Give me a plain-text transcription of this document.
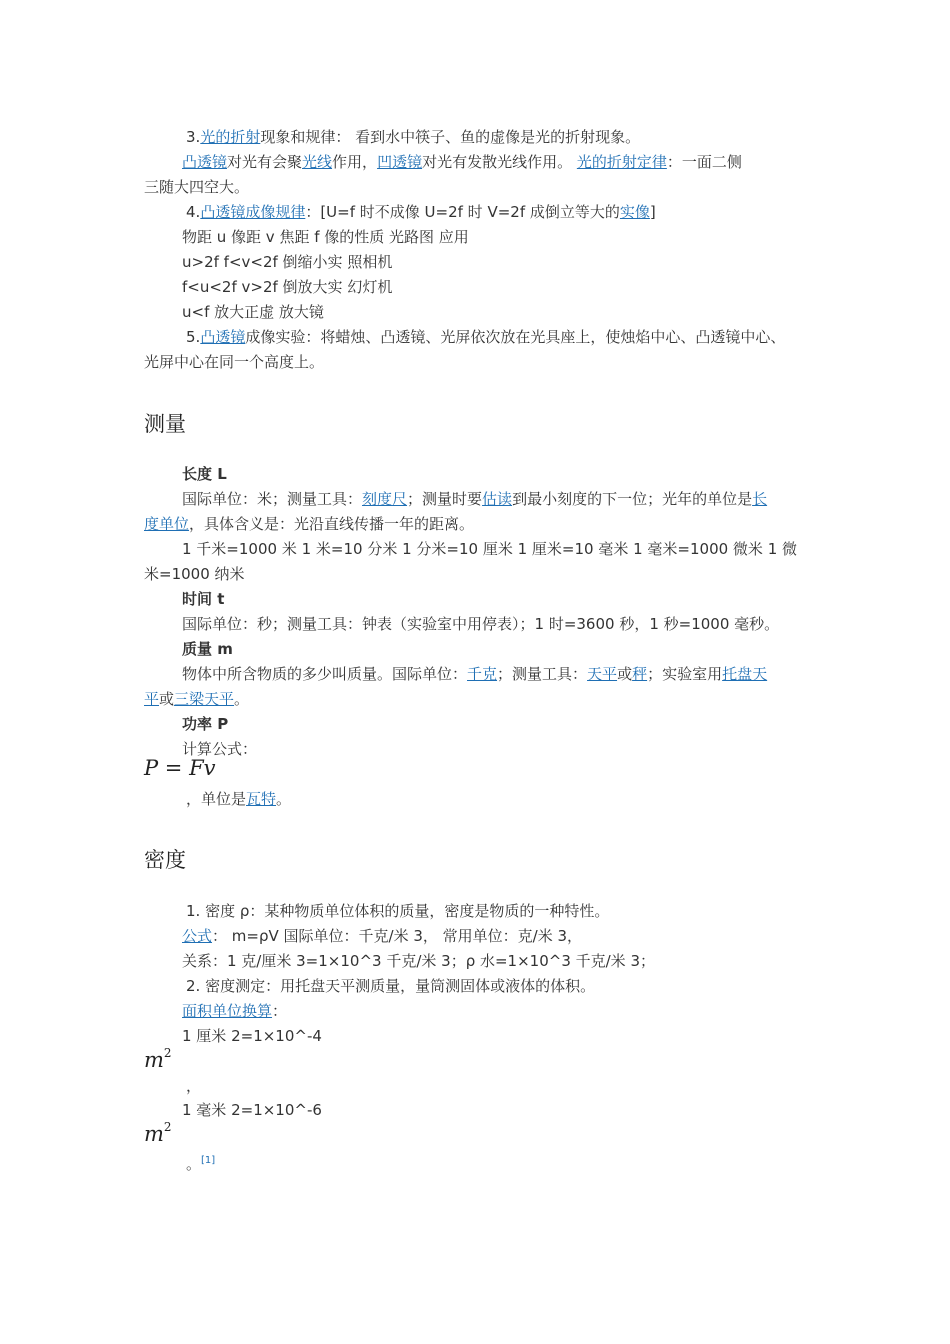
3.光的折射现象和规律： 看到水中筷子、鱼的虚像是光的折射现象。
凸透镜对光有会聚光线作用，凹透镜对光有发散光线作用。 光的折射定律：一面二侧
三随大四空大。
4.凸透镜成像规律：[U=f 时不成像 U=2f 时 V=2f 成倒立等大的实像]
物距 u 像距 v 焦距 f 像的性质 光路图 应用
u>2f f<v<2f 倒缩小实 照相机
f<u<2f v>2f 倒放大实 幻灯机
u<f 放大正虚 放大镜
5.凸透镜成像实验：将蜡烛、凸透镜、光屏依次放在光具座上，使烛焰中心、凸透镜中心、
光屏中心在同一个高度上。
测量
长度 L
国际单位：米；测量工具：刻度尺；测量时要估读到最小刻度的下一位；光年的单位是长
度单位，具体含义是：光沿直线传播一年的距离。
1 千米=1000 米 1 米=10 分米 1 分米=10 厘米 1 厘米=10 毫米 1 毫米=1000 微米 1 微
米=1000 纳米
时间 t
国际单位：秒；测量工具：钟表（实验室中用停表）；1 时=3600 秒，1 秒=1000 毫秒。
质量 m
物体中所含物质的多少叫质量。国际单位：千克；测量工具：天平或秤；实验室用托盘天
平或三梁天平。
功率 P
计算公式：
P = Fv
，单位是瓦特。
密度
1. 密度 ρ：某种物质单位体积的质量，密度是物质的一种特性。
公式： m=ρV 国际单位：千克/米 3， 常用单位：克/米 3，
关系：1 克/厘米 3=1×10^3 千克/米 3；ρ 水=1×10^3 千克/米 3；
2. 密度测定：用托盘天平测质量，量筒测固体或液体的体积。
面积单位换算：
1 厘米 2=1×10^-4
$m^2$
，
1 毫米 2=1×10^-6
$m^2$
。[1]
